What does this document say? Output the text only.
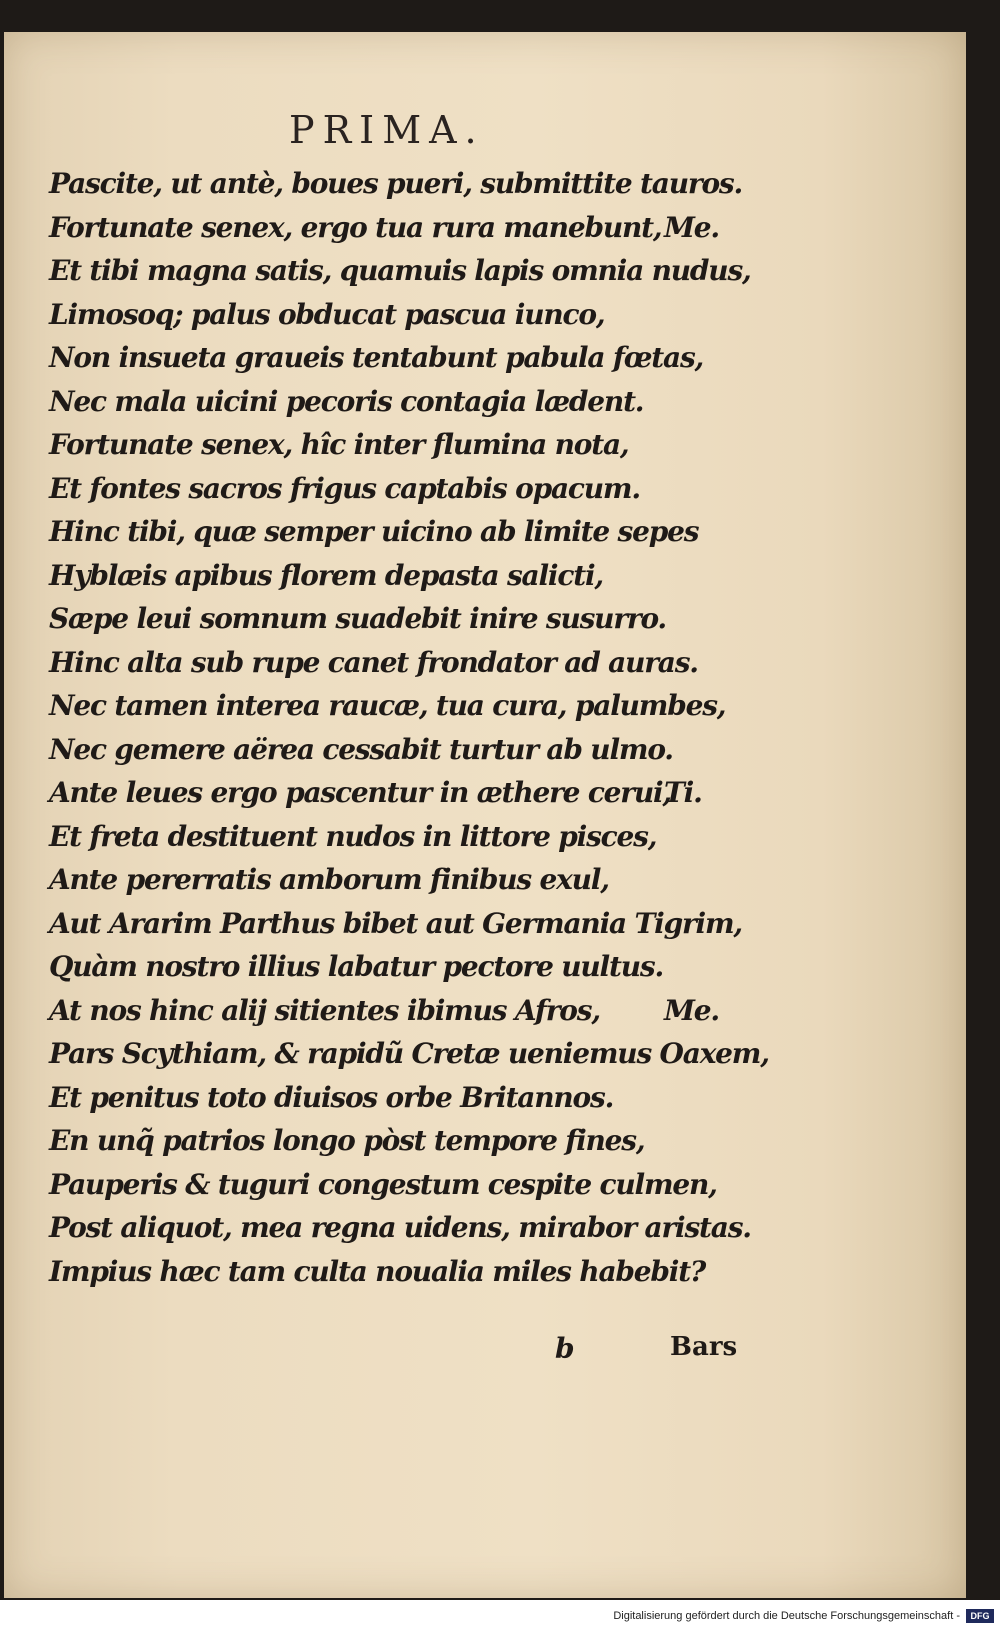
PRIMA.
Pascite, ut antè, boues pueri, submittite tauros.
Fortunate senex, ergo tua rura manebunt, Me.
Et tibi magna satis, quamuis lapis omnia nudus,
Limosoq; palus obducat pascua iunco,
Non insueta graueis tentabunt pabula fœtas,
Nec mala uicini pecoris contagia lædent.
Fortunate senex, hîc inter flumina nota,
Et fontes sacros frigus captabis opacum.
Hinc tibi, quæ semper uicino ab limite sepes
Hyblæis apibus florem depasta salicti,
Sæpe leui somnum suadebit inire susurro.
Hinc alta sub rupe canet frondator ad auras.
Nec tamen interea raucæ, tua cura, palumbes,
Nec gemere aërea cessabit turtur ab ulmo.
Ante leues ergo pascentur in æthere cerui,
Ti.
Et freta destituent nudos in littore pisces,
Ante pererratis amborum finibus exul,
Aut Ararim Parthus bibet aut Germania Tigrim,
Quàm nostro illius labatur pectore uultus.
At nos hinc alij sitientes ibimus Afros, Me.
Pars Scythiam, & rapidũ Cretæ ueniemus Oaxem,
Et penitus toto diuisos orbe Britannos.
En unq̃ patrios longo pòst tempore fines,
Pauperis & tuguri congestum cespite culmen,
Post aliquot, mea regna uidens, mirabor aristas.
Impius hæc tam culta noualia miles habebit?
b	Bars
Digitalisierung gefördert durch die Deutsche Forschungsgemeinschaft -	DFG
